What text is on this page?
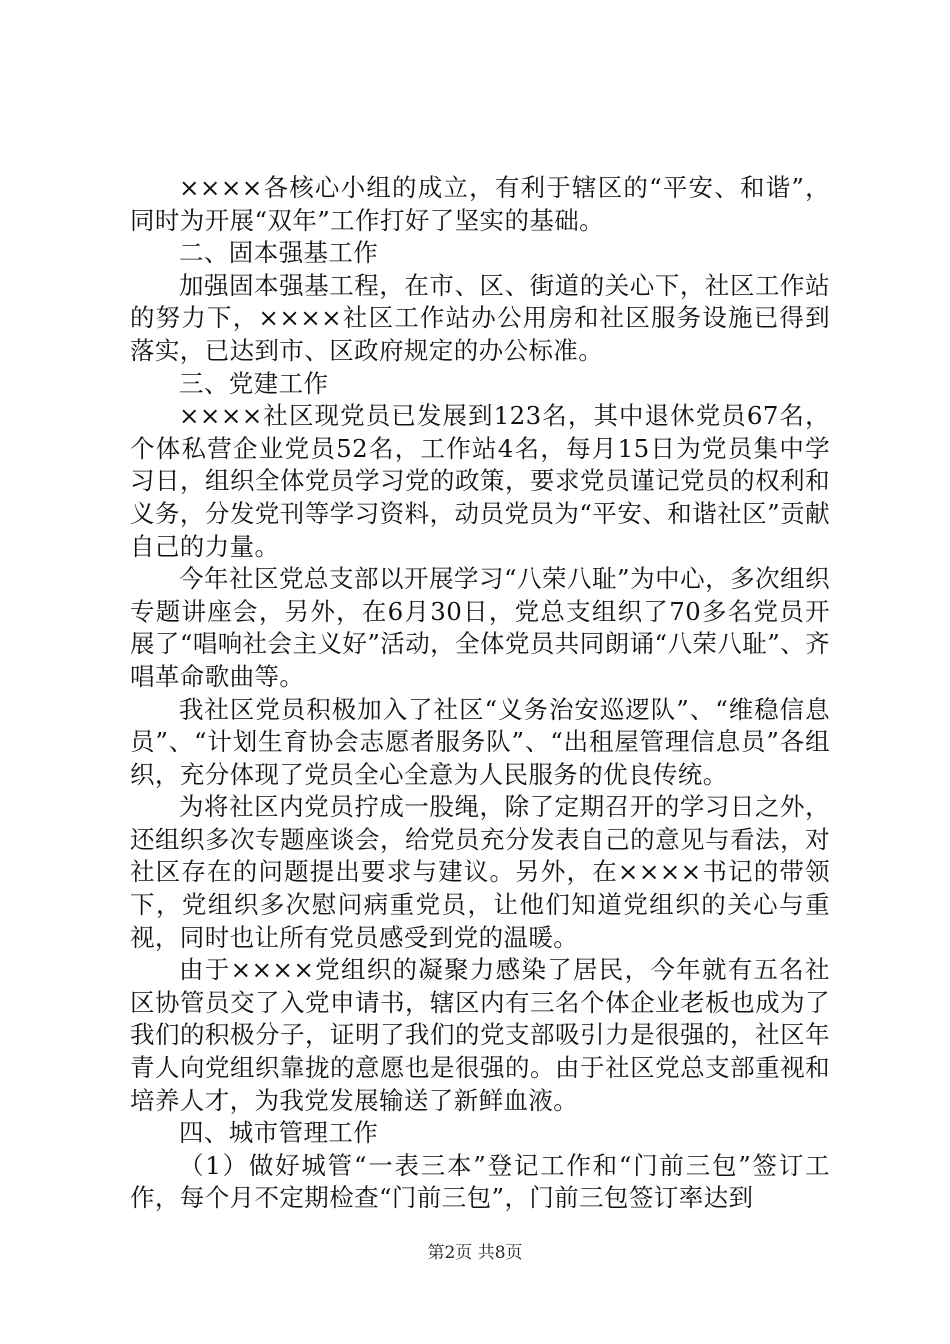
××××各核心小组的成立，有利于辖区的“平安、和谐”，同时为开展“双年”工作打好了坚实的基础。

二、固本强基工作

加强固本强基工程，在市、区、街道的关心下，社区工作站的努力下，××××社区工作站办公用房和社区服务设施已得到落实，已达到市、区政府规定的办公标准。

三、党建工作

××××社区现党员已发展到123名，其中退休党员67名，个体私营企业党员52名，工作站4名，每月15日为党员集中学习日，组织全体党员学习党的政策，要求党员谨记党员的权利和义务，分发党刊等学习资料，动员党员为“平安、和谐社区”贡献自己的力量。

今年社区党总支部以开展学习“八荣八耻”为中心，多次组织专题讲座会，另外，在6月30日，党总支组织了70多名党员开展了“唱响社会主义好”活动，全体党员共同朗诵“八荣八耻”、齐唱革命歌曲等。

我社区党员积极加入了社区“义务治安巡逻队”、“维稳信息员”、“计划生育协会志愿者服务队”、“出租屋管理信息员”各组织，充分体现了党员全心全意为人民服务的优良传统。

为将社区内党员拧成一股绳，除了定期召开的学习日之外，还组织多次专题座谈会，给党员充分发表自己的意见与看法，对社区存在的问题提出要求与建议。另外，在××××书记的带领下，党组织多次慰问病重党员，让他们知道党组织的关心与重视，同时也让所有党员感受到党的温暖。

由于××××党组织的凝聚力感染了居民，今年就有五名社区协管员交了入党申请书，辖区内有三名个体企业老板也成为了我们的积极分子，证明了我们的党支部吸引力是很强的，社区年青人向党组织靠拢的意愿也是很强的。由于社区党总支部重视和培养人才，为我党发展输送了新鲜血液。

四、城市管理工作

（1）做好城管“一表三本”登记工作和“门前三包”签订工作，每个月不定期检查“门前三包”，门前三包签订率达到

第2页 共8页
